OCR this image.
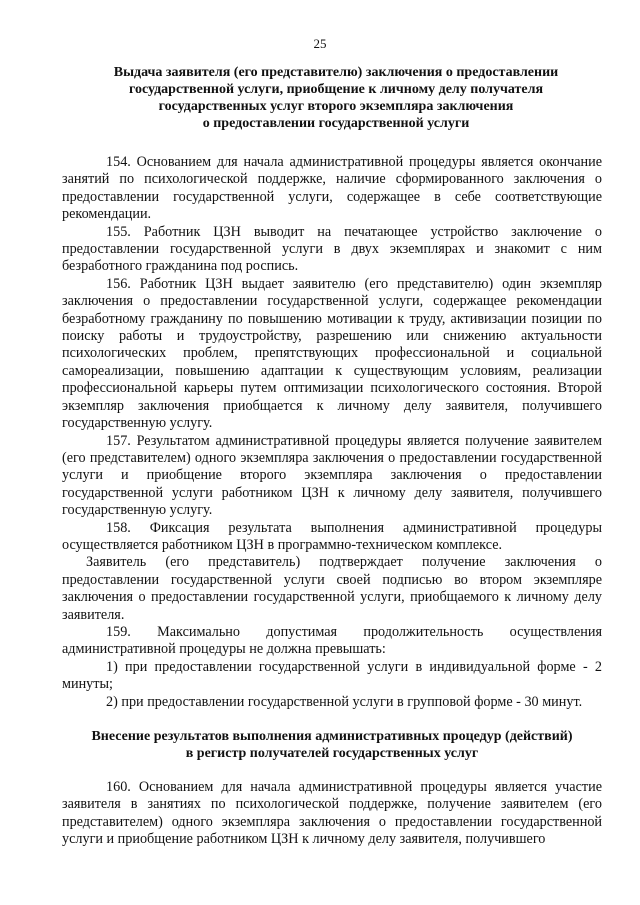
25
Выдача заявителя (его представителю) заключения о предоставлении
государственной услуги, приобщение к личному делу получателя
государственных услуг второго экземпляра заключения
о предоставлении государственной услуги

154. Основанием для начала административной процедуры является окончание занятий по психологической поддержке, наличие сформированного заключения о предоставлении государственной услуги, содержащее в себе соответствующие рекомендации.

155. Работник ЦЗН выводит на печатающее устройство заключение о предоставлении государственной услуги в двух экземплярах и знакомит с ним безработного гражданина под роспись.

156. Работник ЦЗН выдает заявителю (его представителю) один экземпляр заключения о предоставлении государственной услуги, содержащее рекомендации безработному гражданину по повышению мотивации к труду, активизации позиции по поиску работы и трудоустройству, разрешению или снижению актуальности психологических проблем, препятствующих профессиональной и социальной самореализации, повышению адаптации к существующим условиям, реализации профессиональной карьеры путем оптимизации психологического состояния. Второй экземпляр заключения приобщается к личному делу заявителя, получившего государственную услугу.

157. Результатом административной процедуры является получение заявителем (его представителем) одного экземпляра заключения о предоставлении государственной услуги и приобщение второго экземпляра заключения о предоставлении государственной услуги работником ЦЗН к личному делу заявителя, получившего государственную услугу.

158. Фиксация результата выполнения административной процедуры осуществляется работником ЦЗН в программно-техническом комплексе.

Заявитель (его представитель) подтверждает получение заключения о предоставлении государственной услуги своей подписью во втором экземпляре заключения о предоставлении государственной услуги, приобщаемого к личному делу заявителя.

159. Максимально допустимая продолжительность осуществления административной процедуры не должна превышать:

1) при предоставлении государственной услуги в индивидуальной форме - 2 минуты;

2) при предоставлении государственной услуги в групповой форме - 30 минут.

Внесение результатов выполнения административных процедур (действий)
в регистр получателей государственных услуг

160. Основанием для начала административной процедуры является участие заявителя в занятиях по психологической поддержке, получение заявителем (его представителем) одного экземпляра заключения о предоставлении государственной услуги и приобщение работником ЦЗН к личному делу заявителя, получившего
